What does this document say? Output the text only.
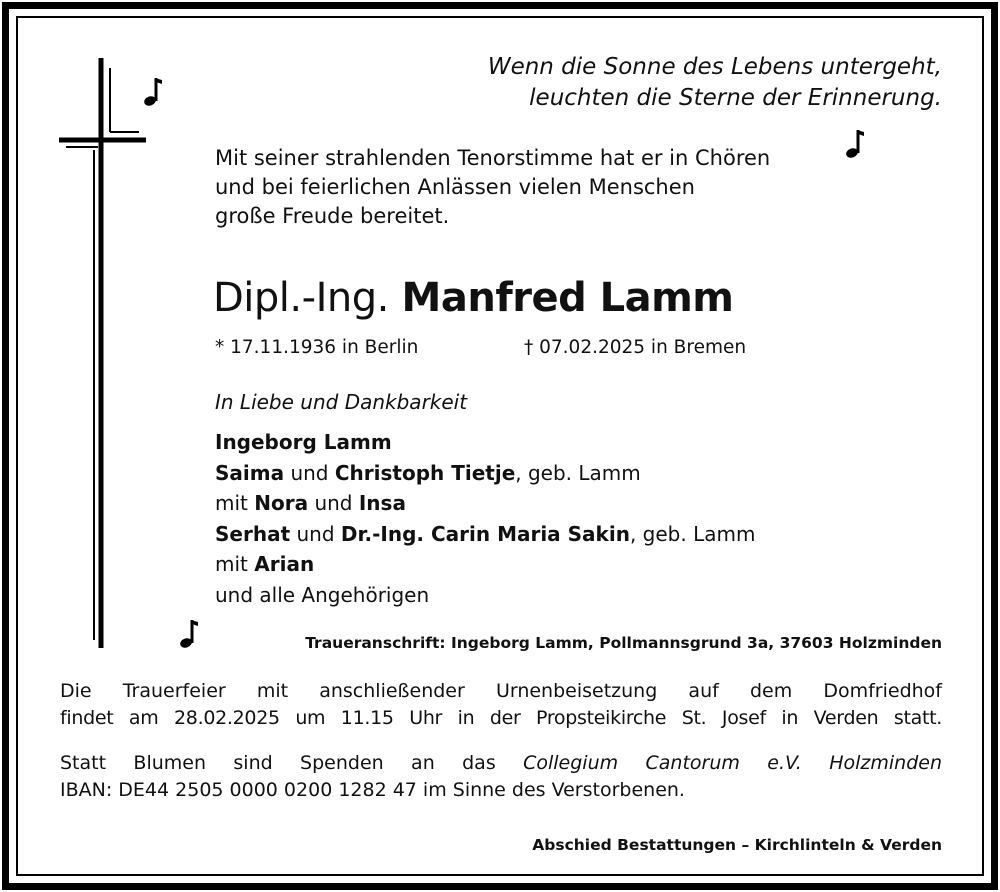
Wenn die Sonne des Lebens untergeht,
leuchten die Sterne der Erinnerung.
Mit seiner strahlenden Tenorstimme hat er in Chören
und bei feierlichen Anlässen vielen Menschen
große Freude bereitet.
Dipl.-Ing. Manfred Lamm
* 17.11.1936 in Berlin	† 07.02.2025 in Bremen
In Liebe und Dankbarkeit
Ingeborg Lamm
Saima und Christoph Tietje, geb. Lamm
mit Nora und Insa
Serhat und Dr.-Ing. Carin Maria Sakin, geb. Lamm
mit Arian
und alle Angehörigen
Traueranschrift: Ingeborg Lamm, Pollmannsgrund 3a, 37603 Holzminden
Die Trauerfeier mit anschließender Urnenbeisetzung auf dem Domfriedhof
findet am 28.02.2025 um 11.15 Uhr in der Propsteikirche St. Josef in Verden statt.
Statt Blumen sind Spenden an das Collegium Cantorum e.V. Holzminden
IBAN: DE44 2505 0000 0200 1282 47 im Sinne des Verstorbenen.
Abschied Bestattungen – Kirchlinteln & Verden
